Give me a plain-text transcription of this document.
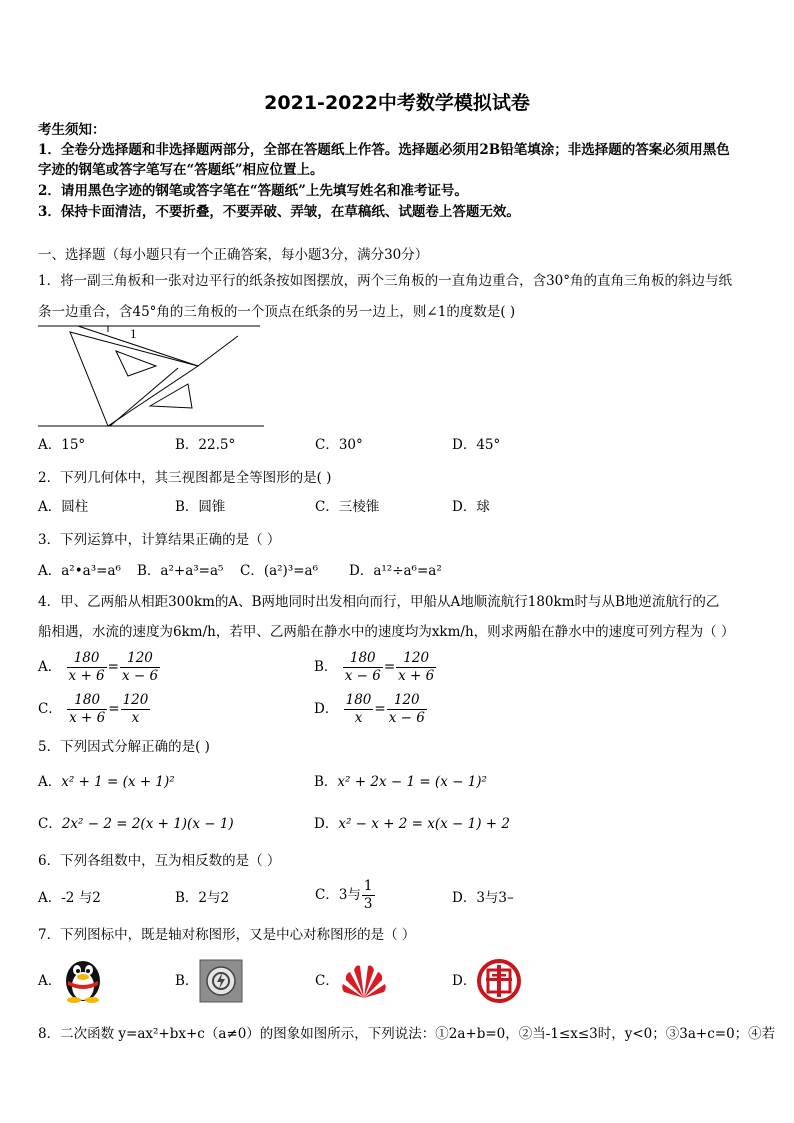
2021-2022中考数学模拟试卷
考生须知：
1．全卷分选择题和非选择题两部分，全部在答题纸上作答。选择题必须用2B铅笔填涂；非选择题的答案必须用黑色
字迹的钢笔或答字笔写在“答题纸”相应位置上。
2．请用黑色字迹的钢笔或答字笔在“答题纸”上先填写姓名和准考证号。
3．保持卡面清洁，不要折叠，不要弄破、弄皱，在草稿纸、试题卷上答题无效。
一、选择题（每小题只有一个正确答案，每小题3分，满分30分）
1．将一副三角板和一张对边平行的纸条按如图摆放，两个三角板的一直角边重合，含30°角的直角三角板的斜边与纸
条一边重合，含45°角的三角板的一个顶点在纸条的另一边上，则∠1的度数是( )
1
A．15°	B．22.5°	C．30°	D．45°
2．下列几何体中，其三视图都是全等图形的是( )
A．圆柱	B．圆锥	C．三棱锥	D．球
3．下列运算中，计算结果正确的是（ ）
A．a²•a³=a⁶ B．a²+a³=a⁵ C．(a²)³=a⁶ D．a¹²÷a⁶=a²
4．甲、乙两船从相距300km的A、B两地同时出发相向而行，甲船从A地顺流航行180km时与从B地逆流航行的乙
船相遇，水流的速度为6km/h，若甲、乙两船在静水中的速度均为xkm/h，则求两船在静水中的速度可列方程为（ ）
A． $\frac{180}{x + 6} = \frac{120}{x - 6}$	B． $\frac{180}{x - 6} = \frac{120}{x + 6}$
C． $\frac{180}{x + 6} = \frac{120}{x}$	D． $\frac{180}{x} = \frac{120}{x - 6}$
5．下列因式分解正确的是( )
A．x² + 1 = (x + 1)²	B．x² + 2x − 1 = (x − 1)²
C．2x² − 2 = 2(x + 1)(x − 1)	D．x² − x + 2 = x(x − 1) + 2
6．下列各组数中，互为相反数的是（ ）
A．-2 与2	B．2与2	C．3与 $\frac{1}{3}$	D．3与3–
7．下列图标中，既是轴对称图形，又是中心对称图形的是（ ）
A．	B．	C．	D．
8．二次函数 y=ax²+bx+c（a≠0）的图象如图所示，下列说法：①2a+b=0，②当-1≤x≤3时，y<0；③3a+c=0；④若
